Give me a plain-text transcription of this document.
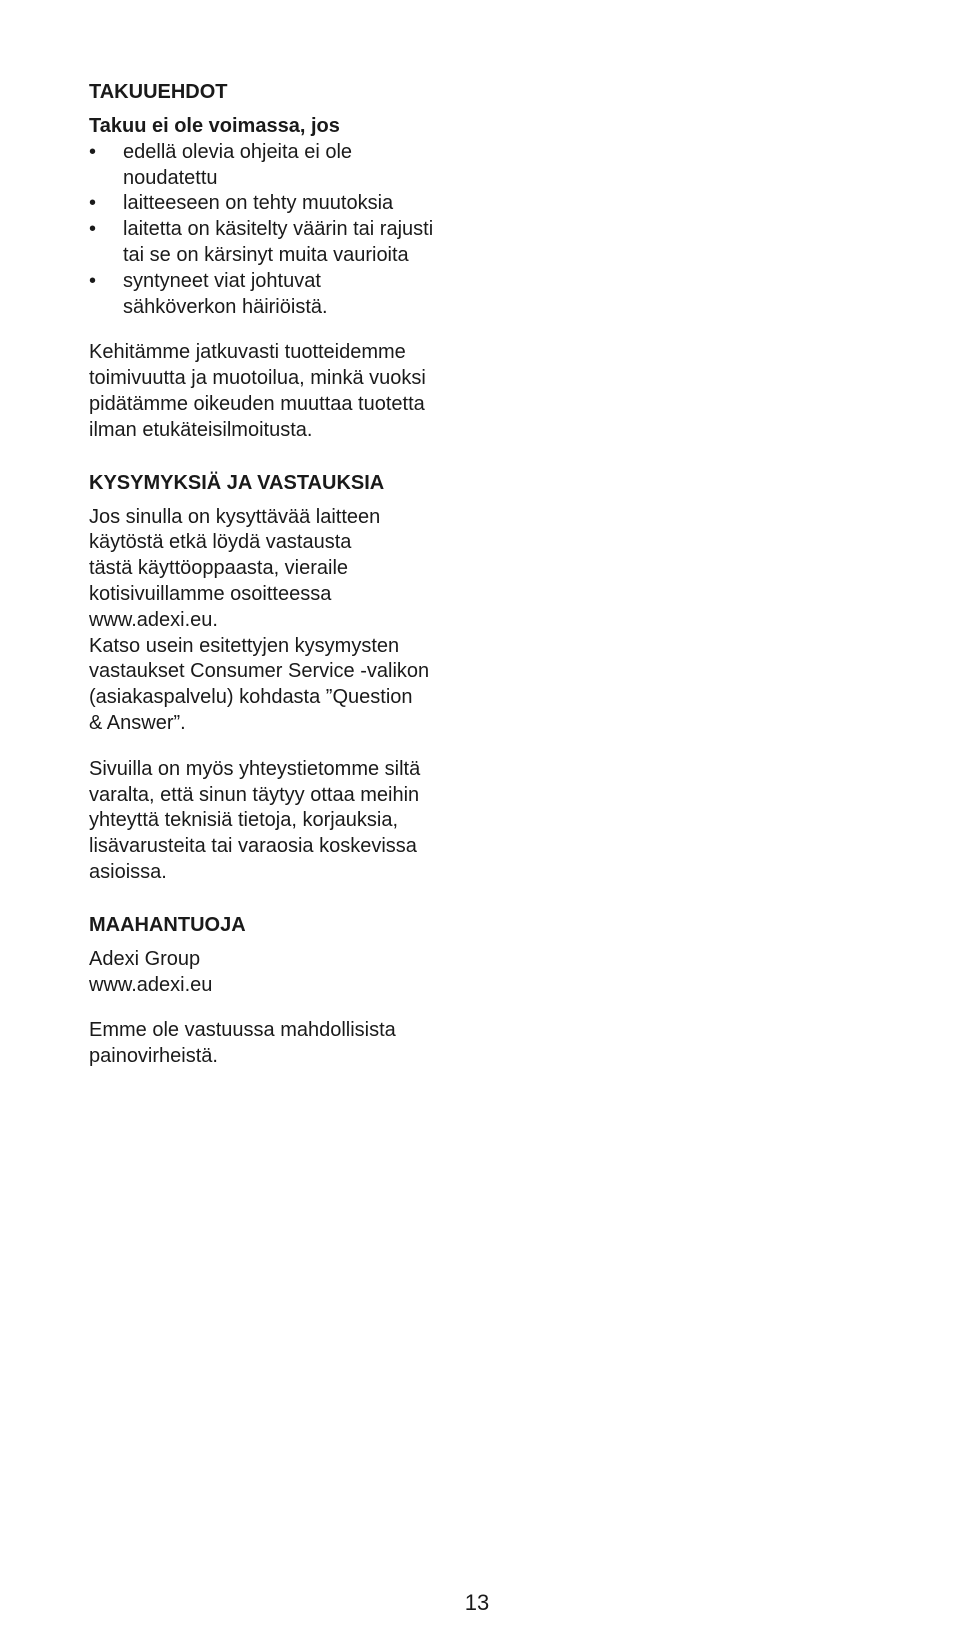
TAKUUEHDOT
Takuu ei ole voimassa, jos
• edellä olevia ohjeita ei ole
noudatettu
• laitteeseen on tehty muutoksia
• laitetta on käsitelty väärin tai rajusti
tai se on kärsinyt muita vaurioita
• syntyneet viat johtuvat
sähköverkon häiriöistä.

Kehitämme jatkuvasti tuotteidemme
toimivuutta ja muotoilua, minkä vuoksi
pidätämme oikeuden muuttaa tuotetta
ilman etukäteisilmoitusta.

KYSYMYKSIÄ JA VASTAUKSIA

Jos sinulla on kysyttävää laitteen
käytöstä etkä löydä vastausta
tästä käyttöoppaasta, vieraile
kotisivuillamme osoitteessa
www.adexi.eu.
Katso usein esitettyjen kysymysten
vastaukset Consumer Service -valikon
(asiakaspalvelu) kohdasta ”Question
& Answer”.

Sivuilla on myös yhteystietomme siltä
varalta, että sinun täytyy ottaa meihin
yhteyttä teknisiä tietoja, korjauksia,
lisävarusteita tai varaosia koskevissa
asioissa.

MAAHANTUOJA

Adexi Group
www.adexi.eu

Emme ole vastuussa mahdollisista
painovirheistä.

13
